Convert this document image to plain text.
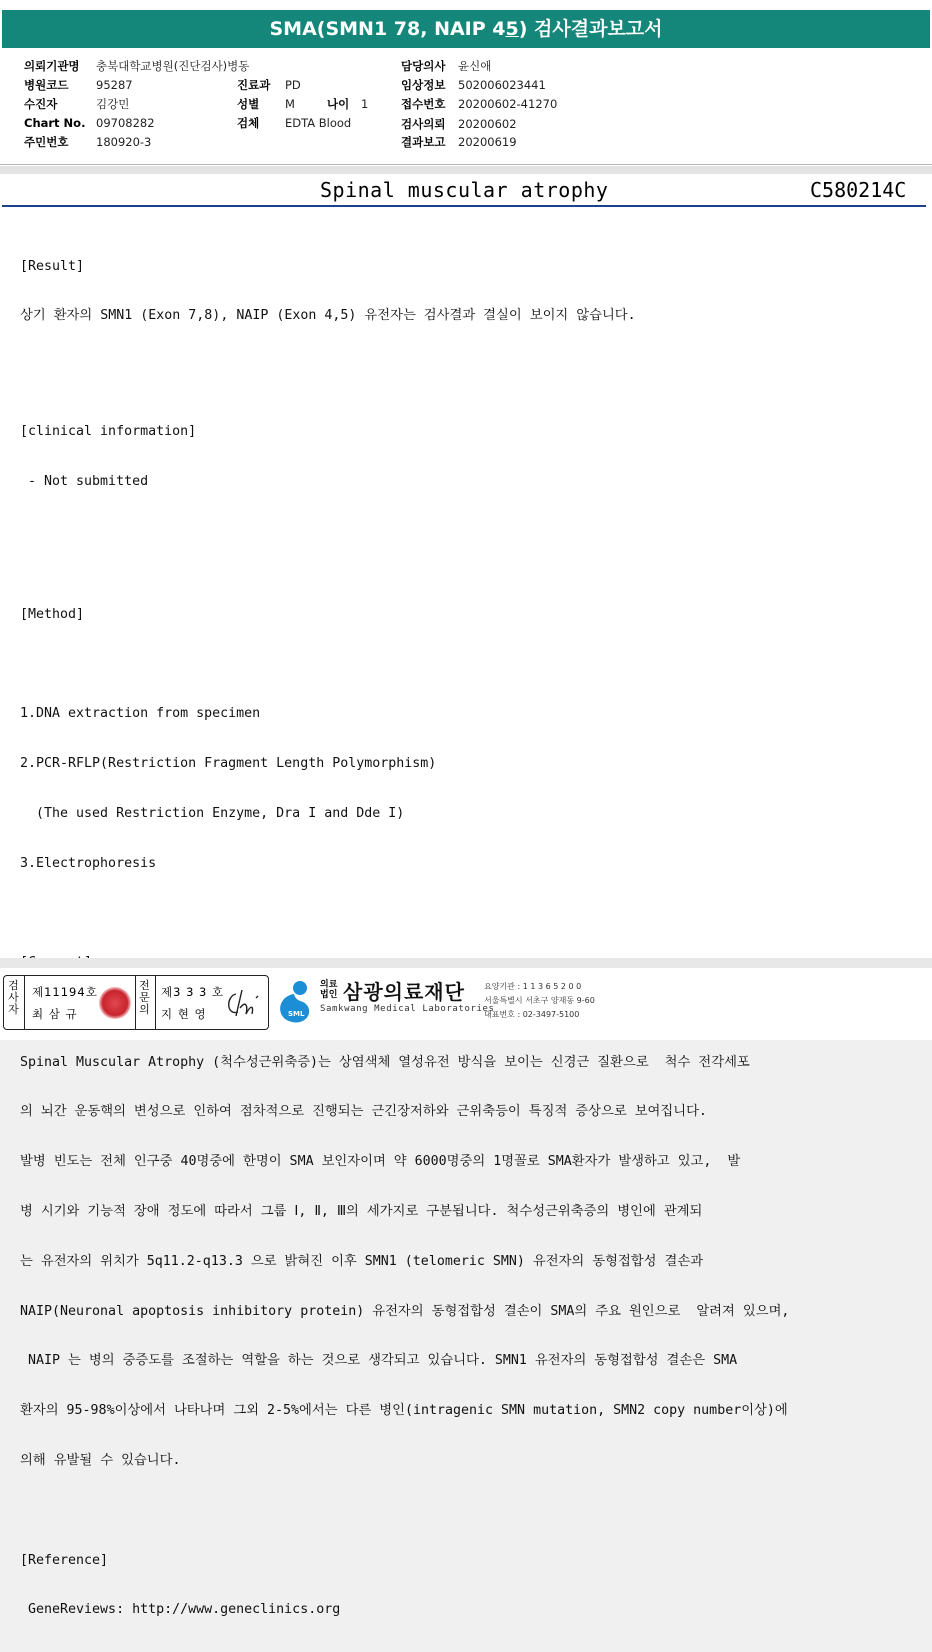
SMA(SMN1 78, NAIP 45) 검사결과보고서
의뢰기관명 충북대학교병원(진단검사)병동
병원코드 95287
수진자	김강민
Chart No. 09708282
주민번호 180920-3
진료과 PD
성별 M	나이 1
검체 EDTA Blood
담당의사 윤신애
임상정보 502006023441
접수번호 20200602-41270
검사의뢰 20200602
결과보고 20200619
Spinal muscular atrophy	C580214C

[Result]

상기 환자의 SMN1 (Exon 7,8), NAIP (Exon 4,5) 유전자는 검사결과 결실이 보이지 않습니다.

[clinical information]

- Not submitted

[Method]

1.DNA extraction from specimen

2.PCR-RFLP(Restriction Fragment Length Polymorphism)

(The used Restriction Enzyme, Dra I and Dde I)

3.Electrophoresis

Spinal Muscular Atrophy (척수성근위축증)는 상염색체 열성유전 방식을 보이는 신경근 질환으로  척수 전각세포

의 뇌간 운동핵의 변성으로 인하여 점차적으로 진행되는 근긴장저하와 근위축등이 특징적 증상으로 보여집니다.

발병 빈도는 전체 인구중 40명중에 한명이 SMA 보인자이며 약 6000명중의 1명꼴로 SMA환자가 발생하고 있고,  발

병 시기와 기능적 장애 정도에 따라서 그룹 Ⅰ, Ⅱ, Ⅲ의 세가지로 구분됩니다. 척수성근위축증의 병인에 관계되

는 유전자의 위치가 5q11.2-q13.3 으로 밝혀진 이후 SMN1 (telomeric SMN) 유전자의 동형접합성 결손과

NAIP(Neuronal apoptosis inhibitory protein) 유전자의 동형접합성 결손이 SMA의 주요 원인으로  알려져 있으며,

NAIP 는 병의 중증도를 조절하는 역할을 하는 것으로 생각되고 있습니다. SMN1 유전자의 동형접합성 결손은 SMA

환자의 95-98%이상에서 나타나며 그외 2-5%에서는 다른 병인(intragenic SMN mutation, SMN2 copy number이상)에

의해 유발될 수 있습니다.

[Reference]

GeneReviews: http://www.geneclinics.org

검
사
자
제11194호
최 삼 규
전
문
의
제3 3 3 호
지 현 영	SML
의료
법인 삼광의료재단
Samkwang Medical Laboratories
요양기관 : 1 1 3 6 5 2 0 0
서울특별시 서초구 양재동 9-60
대표번호 : 02-3497-5100
